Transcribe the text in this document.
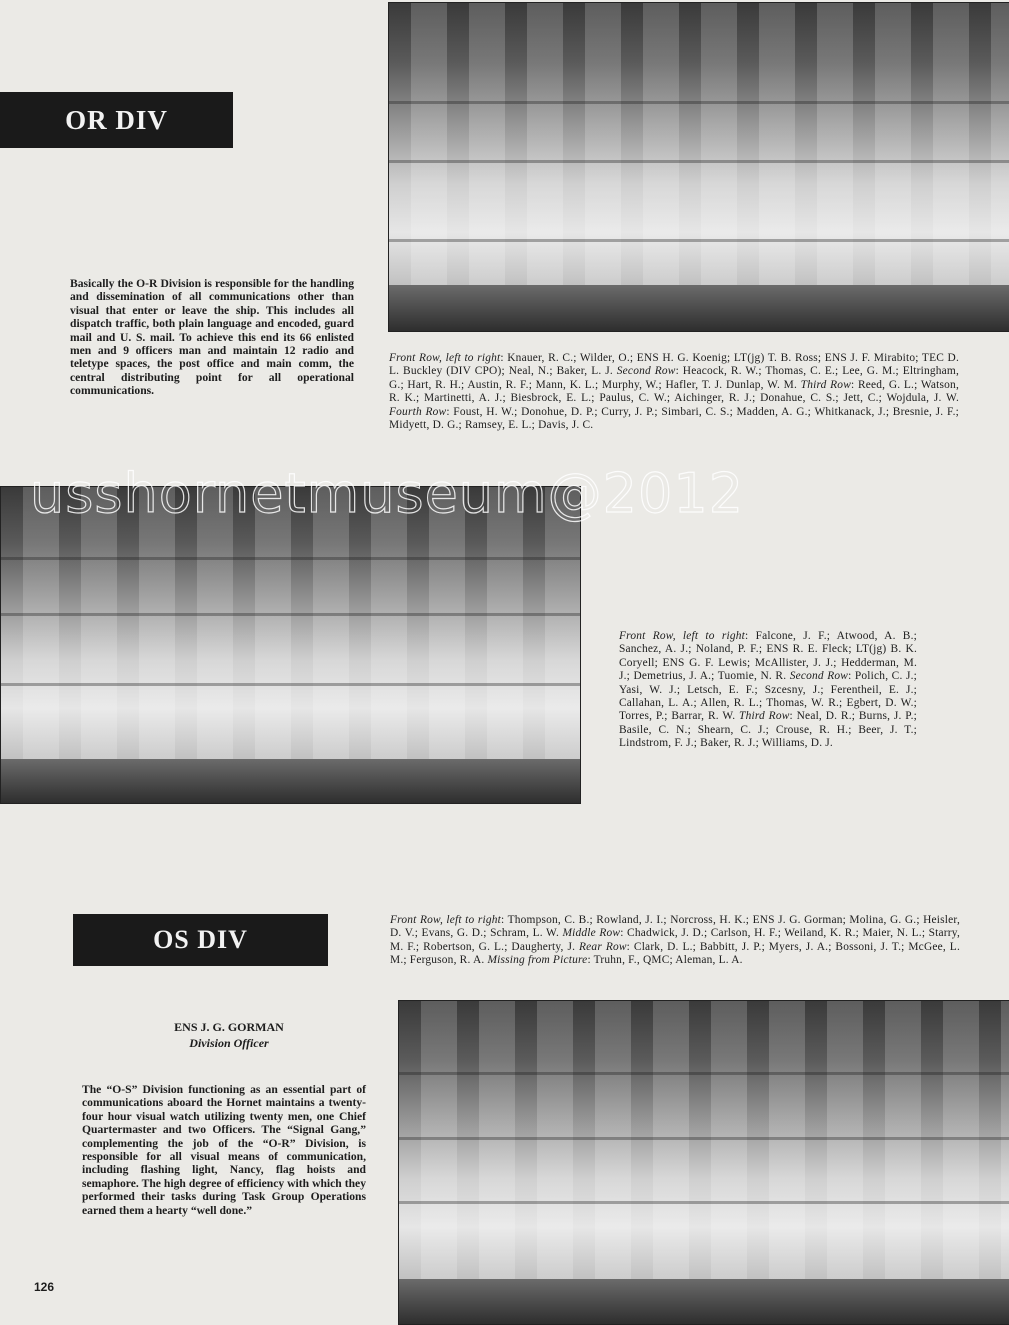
OR DIV
Basically the O-R Division is responsible for the handling and dissemination of all communications other than visual that enter or leave the ship. This includes all dispatch traffic, both plain language and encoded, guard mail and U. S. mail. To achieve this end its 66 enlisted men and 9 officers man and maintain 12 radio and teletype spaces, the post office and main comm, the central distributing point for all operational communications.
Front Row, left to right: Knauer, R. C.; Wilder, O.; ENS H. G. Koenig; LT(jg) T. B. Ross; ENS J. F. Mirabito; TEC D. L. Buckley (DIV CPO); Neal, N.; Baker, L. J. Second Row: Heacock, R. W.; Thomas, C. E.; Lee, G. M.; Eltringham, G.; Hart, R. H.; Austin, R. F.; Mann, K. L.; Murphy, W.; Hafler, T. J. Dunlap, W. M. Third Row: Reed, G. L.; Watson, R. K.; Martinetti, A. J.; Biesbrock, E. L.; Paulus, C. W.; Aichinger, R. J.; Donahue, C. S.; Jett, C.; Wojdula, J. W. Fourth Row: Foust, H. W.; Donohue, D. P.; Curry, J. P.; Simbari, C. S.; Madden, A. G.; Whitkanack, J.; Bresnie, J. F.; Midyett, D. G.; Ramsey, E. L.; Davis, J. C.
Front Row, left to right: Falcone, J. F.; Atwood, A. B.; Sanchez, A. J.; Noland, P. F.; ENS R. E. Fleck; LT(jg) B. K. Coryell; ENS G. F. Lewis; McAllister, J. J.; Hedderman, M. J.; Demetrius, J. A.; Tuomie, N. R. Second Row: Polich, C. J.; Yasi, W. J.; Letsch, E. F.; Szcesny, J.; Ferentheil, E. J.; Callahan, L. A.; Allen, R. L.; Thomas, W. R.; Egbert, D. W.; Torres, P.; Barrar, R. W. Third Row: Neal, D. R.; Burns, J. P.; Basile, C. N.; Shearn, C. J.; Crouse, R. H.; Beer, J. T.; Lindstrom, F. J.; Baker, R. J.; Williams, D. J.
OS DIV
Front Row, left to right: Thompson, C. B.; Rowland, J. I.; Norcross, H. K.; ENS J. G. Gorman; Molina, G. G.; Heisler, D. V.; Evans, G. D.; Schram, L. W. Middle Row: Chadwick, J. D.; Carlson, H. F.; Weiland, K. R.; Maier, N. L.; Starry, M. F.; Robertson, G. L.; Daugherty, J. Rear Row: Clark, D. L.; Babbitt, J. P.; Myers, J. A.; Bossoni, J. T.; McGee, L. M.; Ferguson, R. A. Missing from Picture: Truhn, F., QMC; Aleman, L. A.
ENS J. G. GORMAN
Division Officer
The “O-S” Division functioning as an essential part of communications aboard the Hornet maintains a twenty-four hour visual watch utilizing twenty men, one Chief Quartermaster and two Officers. The “Signal Gang,” complementing the job of the “O-R” Division, is responsible for all visual means of communication, including flashing light, Nancy, flag hoists and semaphore. The high degree of efficiency with which they performed their tasks during Task Group Operations earned them a hearty “well done.”
126
